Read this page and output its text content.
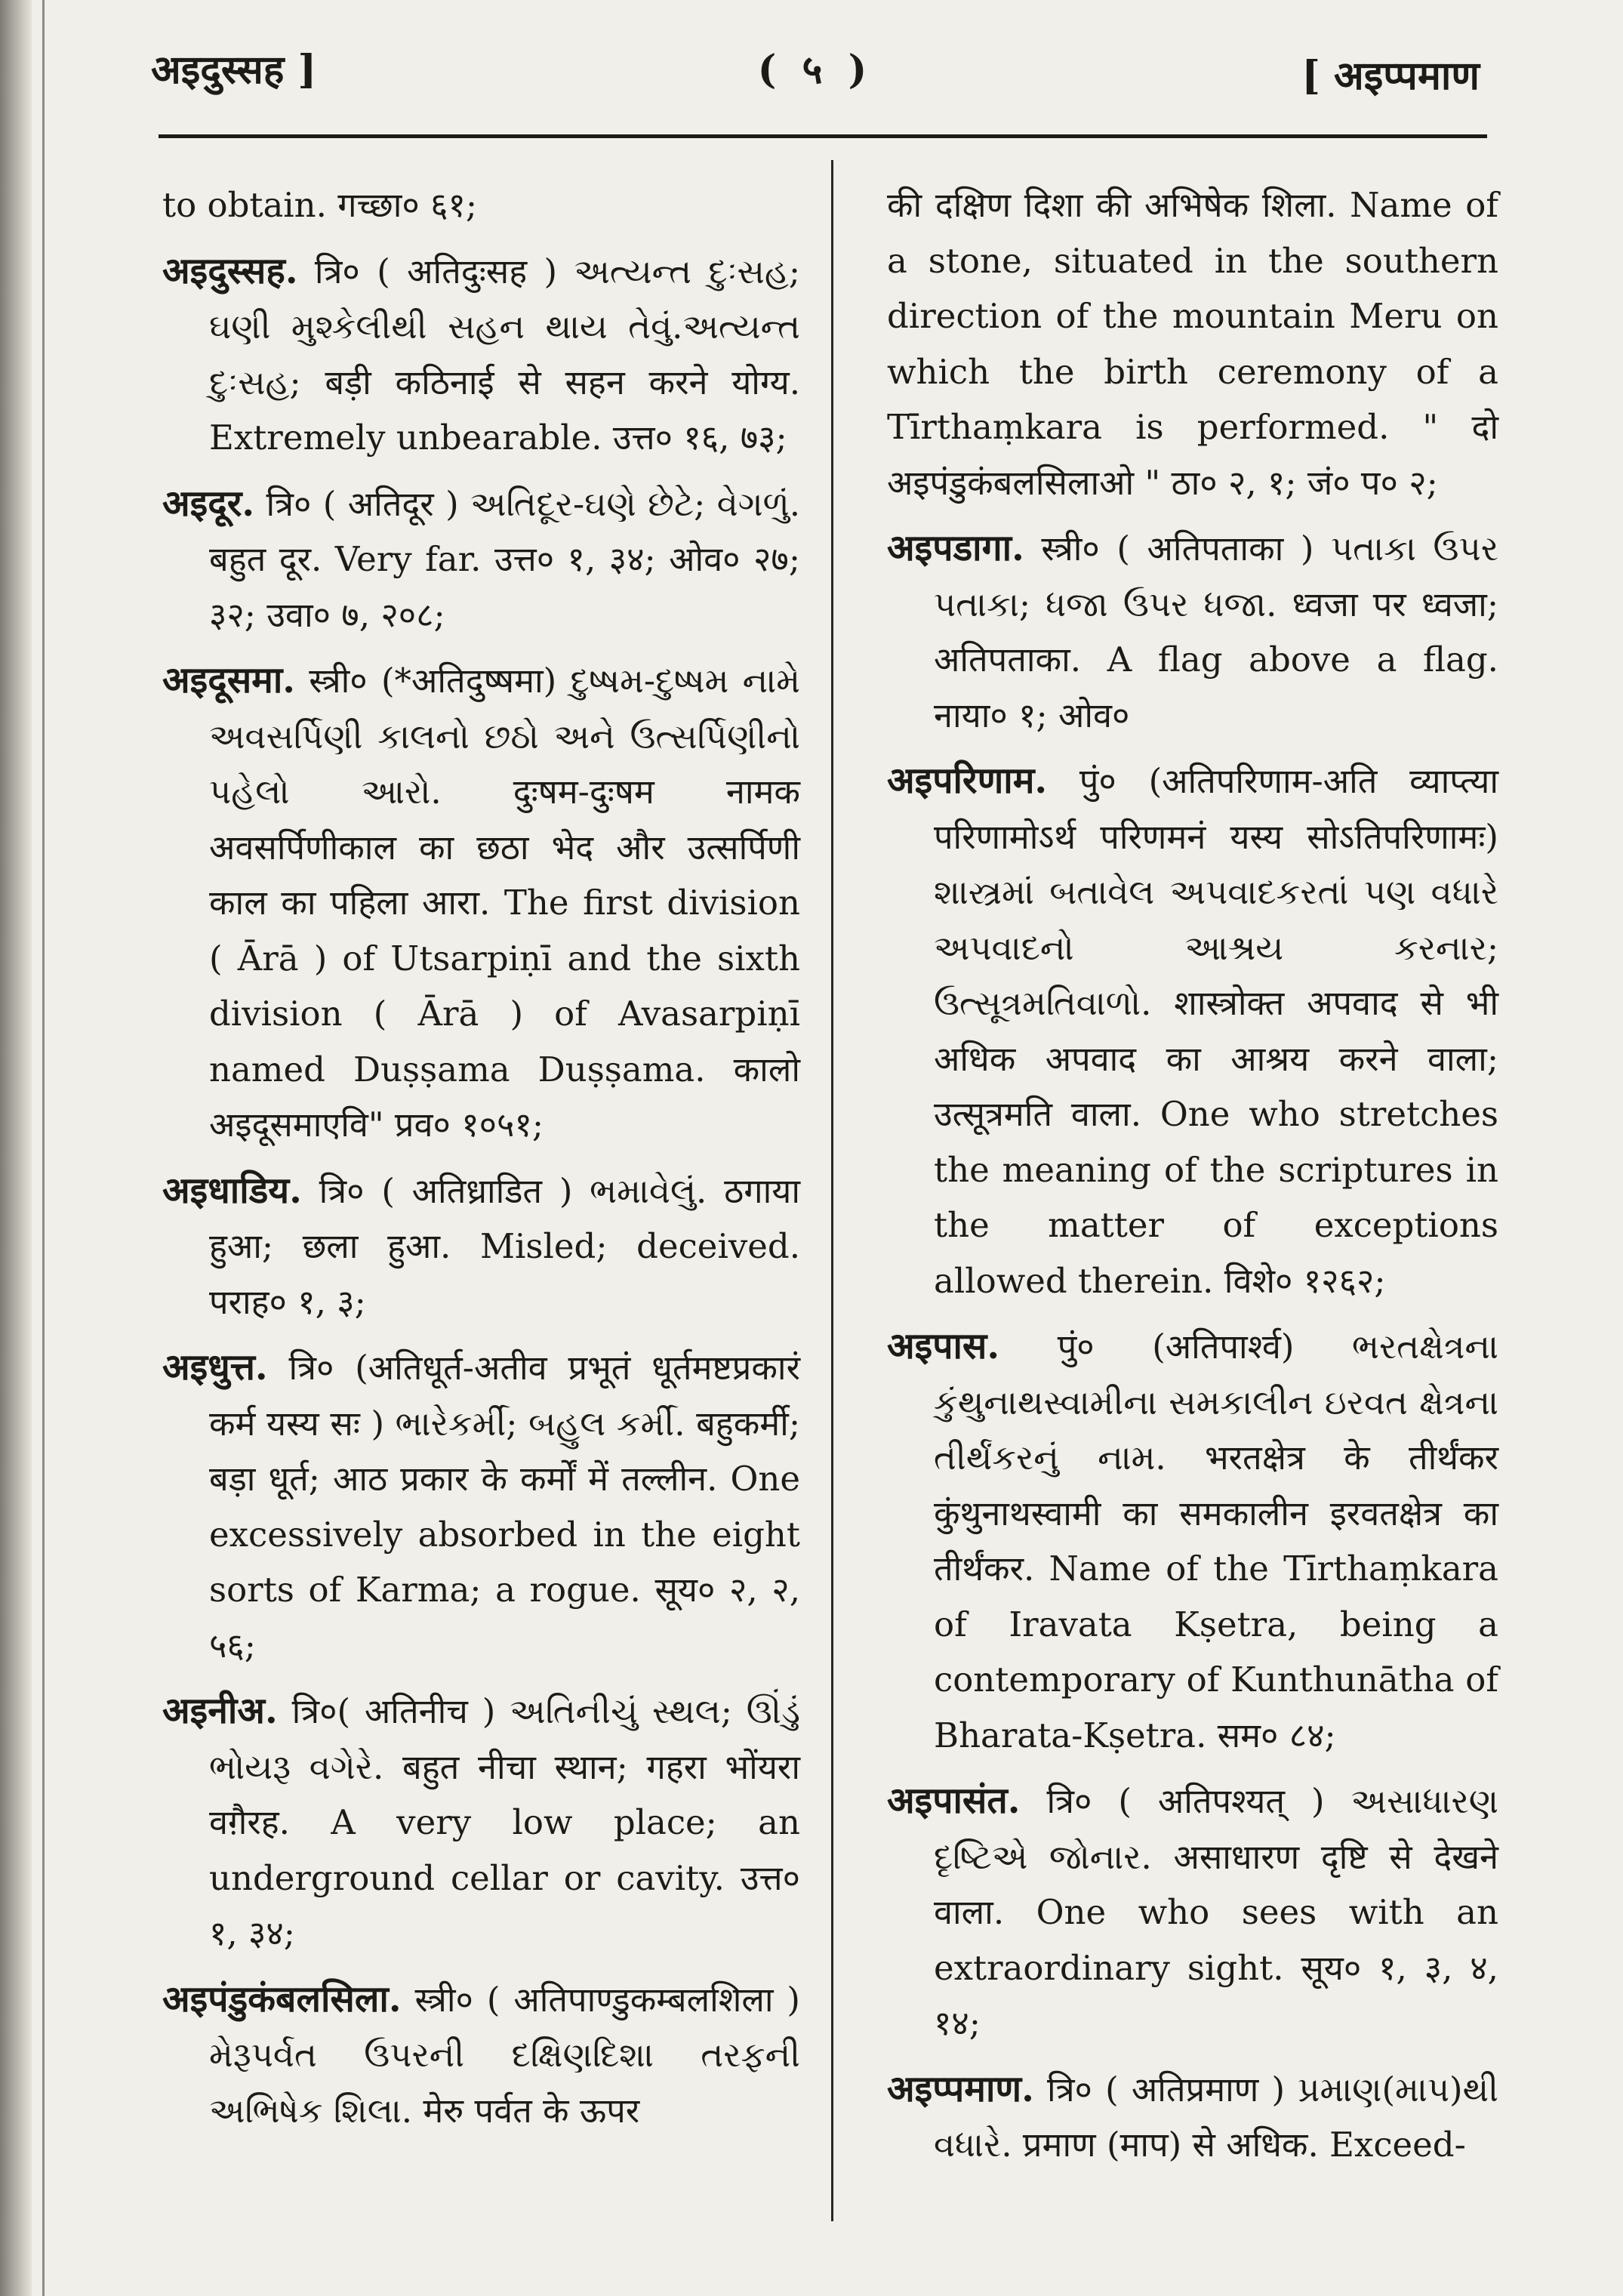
अइदुस्सह ]	( ५ )	[ अइप्पमाण

to obtain. गच्छा० ६१;

अइदुस्सह. त्रि० ( अतिदुःसह ) અત્યન્ત દુઃસહ; ઘણી મુશ્કેલીથી સહન થાય તેવું.અત્યન્ત દુઃસહ; बड़ी कठिनाई से सहन करने योग्य. Extremely unbearable. उत्त० १६, ७३;

अइदूर. त्रि० ( अतिदूर ) અતિદૂર-ઘણે છેટે; વેગળું. बहुत दूर. Very far. उत्त० १, ३४; ओव० २७; ३२; उवा० ७, २०८;

अइदूसमा. स्त्री० (*अतिदुष्षमा) દુષ્ષમ-દુષ્ષમ નામે અવસર્પિણી કાલનો છઠો અને ઉત્સર્પિણીનો પહેલો આરો. दुःषम-दुःषम नामक अवसर्पिणीकाल का छठा भेद और उत्सर्पिणी काल का पहिला आरा. The first division ( Ārā ) of Utsarpiṇī and the sixth division ( Ārā ) of Avasarpiṇī named Duṣṣama Duṣṣama. कालो अइदूसमाएवि" प्रव० १०५१;

अइधाडिय. त्रि० ( अतिध्राडित ) ભમાવેલું. ठगाया हुआ; छला हुआ. Misled; deceived. पराह० १, ३;

अइधुत्त. त्रि० (अतिधूर्त-अतीव प्रभूतं धूर्तमष्टप्रकारं कर्म यस्य सः ) ભારેકર્મી; બહુલ કર્મી. बहुकर्मी; बड़ा धूर्त; आठ प्रकार के कर्मों में तल्लीन. One excessively absorbed in the eight sorts of Karma; a rogue. सूय० २, २, ५६;

अइनीअ. त्रि०( अतिनीच ) અતિનીચું સ્થલ; ઊંડું ભોયરૂ વગેરે. बहुत नीचा स्थान; गहरा भोंयरा वग़ैरह. A very low place; an underground cellar or cavity. उत्त० १, ३४;

अइपंडुकंबलसिला. स्त्री० ( अतिपाण्डुकम्बलशिला ) મેરૂપર્વત ઉપરની દક્ષિણદિશા તરફની અભિષેક શિલા. मेरु पर्वत के ऊपर

की दक्षिण दिशा की अभिषेक शिला. Name of a stone, situated in the southern direction of the mountain Meru on which the birth ceremony of a Tīrthaṃkara is performed. " दो अइपंडुकंबलसिलाओ " ठा० २, १; जं० प० २;

अइपडागा. स्त्री० ( अतिपताका ) પતાકા ઉપર પતાકા; ધજા ઉપર ધજા. ध्वजा पर ध्वजा; अतिपताका. A flag above a flag. नाया० १; ओव०

अइपरिणाम. पुं० (अतिपरिणाम-अति व्याप्त्या परिणामोऽर्थ परिणमनं यस्य सोऽतिपरिणामः) શાસ્ત્રમાં બતાવેલ અપવાદકરતાં પણ વધારે અપવાદનો આશ્રય કરનાર; ઉત્સૂત્રમતિવાળો. शास्त्रोक्त अपवाद से भी अधिक अपवाद का आश्रय करने वाला; उत्सूत्रमति वाला. One who stretches the meaning of the scriptures in the matter of exceptions allowed therein. विशे० १२६२;

अइपास. पुं० (अतिपार्श्व) ભરતક્ષેત્રના કુંથુનાથસ્વામીના સમકાલીન ઇરવત ક્ષેત્રના તીર્થંકરનું નામ. भरतक्षेत्र के तीर्थंकर कुंथुनाथस्वामी का समकालीन इरवतक्षेत्र का तीर्थंकर. Name of the Tīrthaṃkara of Iravata Kṣetra, being a contemporary of Kunthunātha of Bharata-Kṣetra. सम० ८४;

अइपासंत. त्रि० ( अतिपश्यत् ) અસાધારણ દૃષ્ટિએ જોનાર. असाधारण दृष्टि से देखने वाला. One who sees with an extraordinary sight. सूय० १, ३, ४, १४;

अइप्पमाण. त्रि० ( अतिप्रमाण ) પ્રમાણ(માપ)થી વધારે. प्रमाण (माप) से अधिक. Exceed-
